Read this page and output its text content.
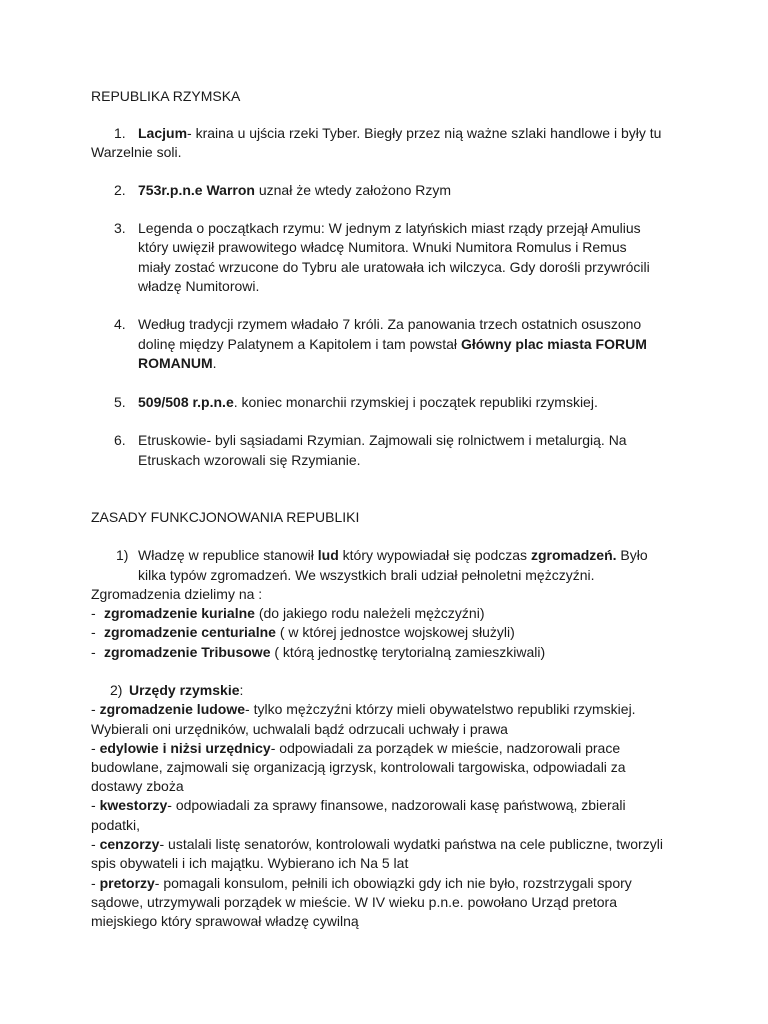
REPUBLIKA RZYMSKA
1. Lacjum- kraina u ujścia rzeki Tyber. Biegły przez nią ważne szlaki handlowe i były tu
Warzelnie soli.
2. 753r.p.n.e Warron uznał że wtedy założono Rzym
3. Legenda o początkach rzymu: W jednym z latyńskich miast rządy przejął Amulius
który uwięził prawowitego władcę Numitora. Wnuki Numitora Romulus i Remus
miały zostać wrzucone do Tybru ale uratowała ich wilczyca. Gdy dorośli przywrócili
władzę Numitorowi.
4. Według tradycji rzymem władało 7 króli. Za panowania trzech ostatnich osuszono
dolinę między Palatynem a Kapitolem i tam powstał Główny plac miasta FORUM
ROMANUM.
5. 509/508 r.p.n.e. koniec monarchii rzymskiej i początek republiki rzymskiej.
6. Etruskowie- byli sąsiadami Rzymian. Zajmowali się rolnictwem i metalurgią. Na
Etruskach wzorowali się Rzymianie.
ZASADY FUNKCJONOWANIA REPUBLIKI
1) Władzę w republice stanowił lud który wypowiadał się podczas zgromadzeń. Było
kilka typów zgromadzeń. We wszystkich brali udział pełnoletni mężczyźni.
Zgromadzenia dzielimy na :
- zgromadzenie kurialne (do jakiego rodu należeli mężczyźni)
- zgromadzenie centurialne ( w której jednostce wojskowej służyli)
- zgromadzenie Tribusowe ( którą jednostkę terytorialną zamieszkiwali)
2) Urzędy rzymskie:
- zgromadzenie ludowe- tylko mężczyźni którzy mieli obywatelstwo republiki rzymskiej.
Wybierali oni urzędników, uchwalali bądź odrzucali uchwały i prawa
- edylowie i niżsi urzędnicy- odpowiadali za porządek w mieście, nadzorowali prace
budowlane, zajmowali się organizacją igrzysk, kontrolowali targowiska, odpowiadali za
dostawy zboża
- kwestorzy- odpowiadali za sprawy finansowe, nadzorowali kasę państwową, zbierali
podatki,
- cenzorzy- ustalali listę senatorów, kontrolowali wydatki państwa na cele publiczne, tworzyli
spis obywateli i ich majątku. Wybierano ich Na 5 lat
- pretorzy- pomagali konsulom, pełnili ich obowiązki gdy ich nie było, rozstrzygali spory
sądowe, utrzymywali porządek w mieście. W IV wieku p.n.e. powołano Urząd pretora
miejskiego który sprawował władzę cywilną
